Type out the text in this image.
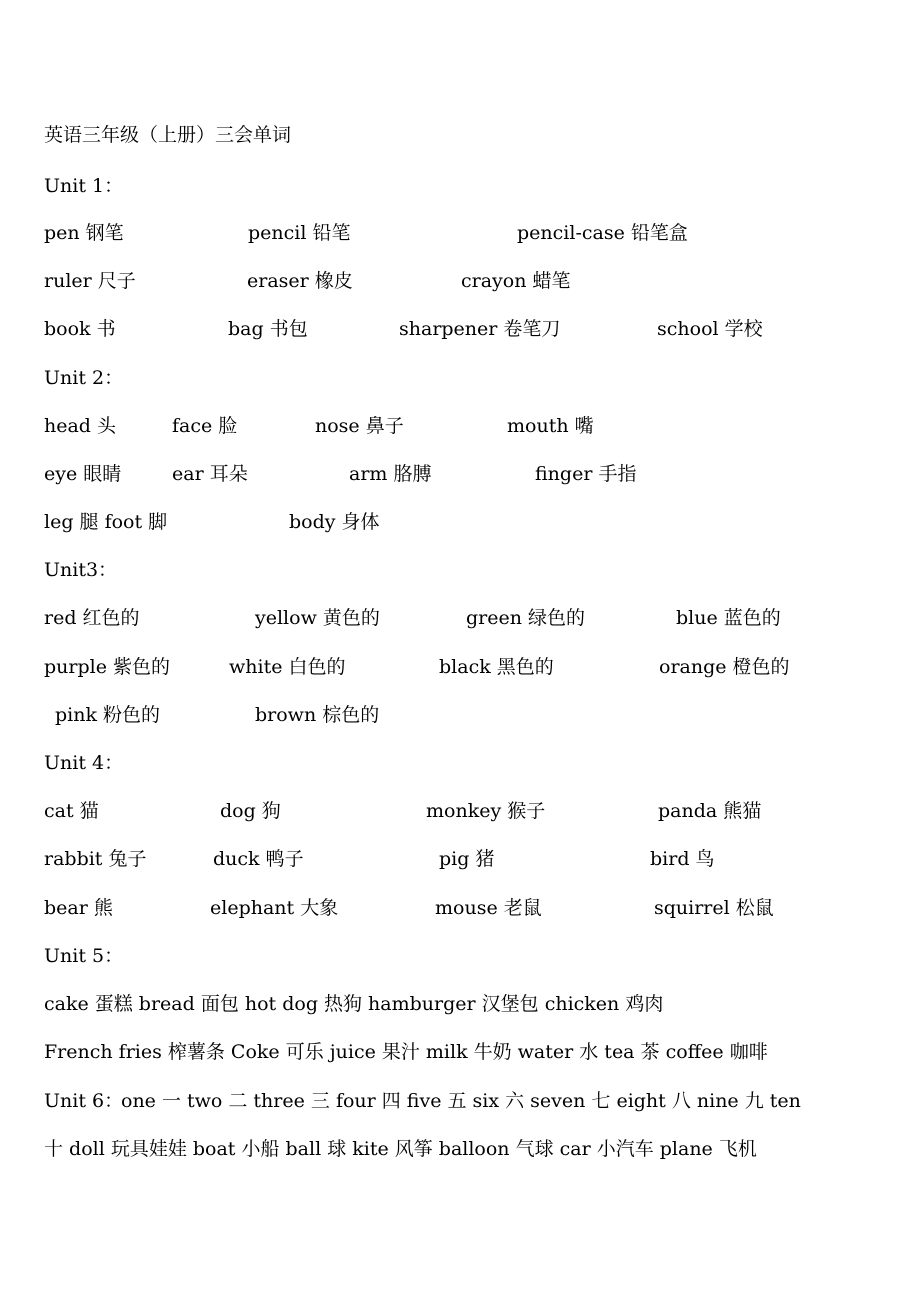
英语三年级（上册）三会单词
Unit 1：
pen 钢笔	pencil 铅笔	pencil-case 铅笔盒
ruler 尺子	eraser 橡皮	crayon 蜡笔
book 书	bag 书包	sharpener 卷笔刀	school 学校
Unit 2：
head 头	face 脸	nose 鼻子	mouth 嘴
eye 眼睛	ear 耳朵	arm 胳膊	finger 手指
leg 腿 foot 脚	body 身体
Unit3：
red 红色的	yellow 黄色的	green 绿色的	blue 蓝色的
purple 紫色的	white 白色的	black 黑色的	orange 橙色的
pink 粉色的	brown 棕色的
Unit 4：
cat 猫	dog 狗	monkey 猴子	panda 熊猫
rabbit 兔子	duck 鸭子	pig 猪	bird 鸟
bear 熊	elephant 大象	mouse 老鼠	squirrel 松鼠
Unit 5：
cake 蛋糕 bread 面包 hot dog 热狗 hamburger 汉堡包 chicken 鸡肉
French fries 榨薯条 Coke 可乐 juice 果汁 milk 牛奶 water 水 tea 茶 coffee 咖啡
Unit 6：
one 一 two 二 three 三 four 四 five 五 six 六 seven 七 eight 八 nine 九 ten
十 doll 玩具娃娃 boat 小船 ball 球 kite 风筝 balloon 气球 car 小汽车 plane 飞机
